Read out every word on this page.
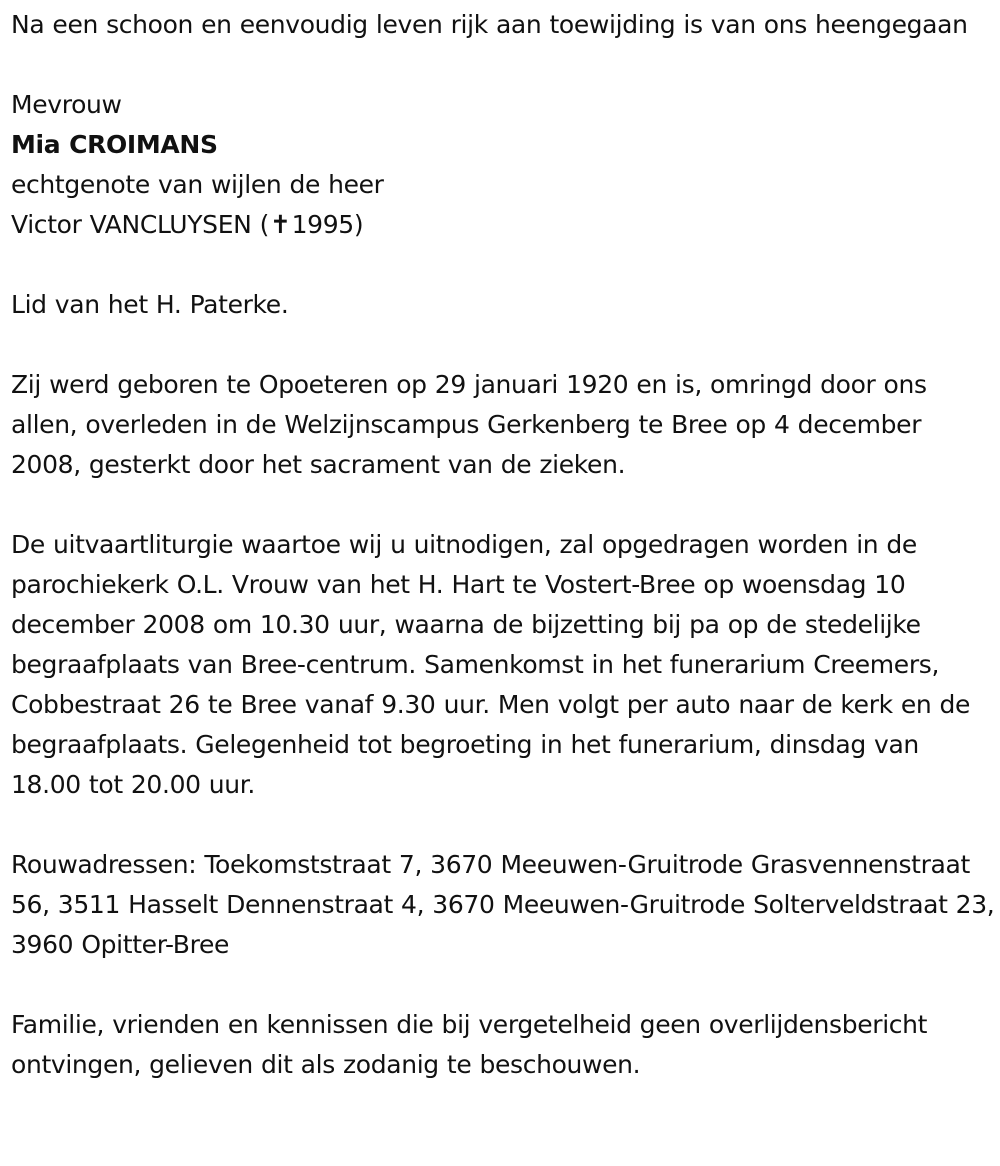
Na een schoon en eenvoudig leven rijk aan toewijding is van ons heengegaan

Mevrouw

Mia CROIMANS

echtgenote van wijlen de heer

Victor VANCLUYSEN (✝1995)

Lid van het H. Paterke.

Zij werd geboren te Opoeteren op 29 januari 1920 en is, omringd door ons allen, overleden in de Welzijnscampus Gerkenberg te Bree op 4 december 2008, gesterkt door het sacrament van de zieken.

De uitvaartliturgie waartoe wij u uitnodigen, zal opgedragen worden in de parochiekerk O.L. Vrouw van het H. Hart te Vostert-Bree op woensdag 10 december 2008 om 10.30 uur, waarna de bijzetting bij pa op de stedelijke begraafplaats van Bree-centrum. Samenkomst in het funerarium Creemers, Cobbestraat 26 te Bree vanaf 9.30 uur. Men volgt per auto naar de kerk en de begraafplaats. Gelegenheid tot begroeting in het funerarium, dinsdag van 18.00 tot 20.00 uur.

Rouwadressen: Toekomststraat 7, 3670 Meeuwen-Gruitrode Grasvennenstraat 56, 3511 Hasselt Dennenstraat 4, 3670 Meeuwen-Gruitrode Solterveldstraat 23, 3960 Opitter-Bree

Familie, vrienden en kennissen die bij vergetelheid geen overlijdensbericht ontvingen, gelieven dit als zodanig te beschouwen.
